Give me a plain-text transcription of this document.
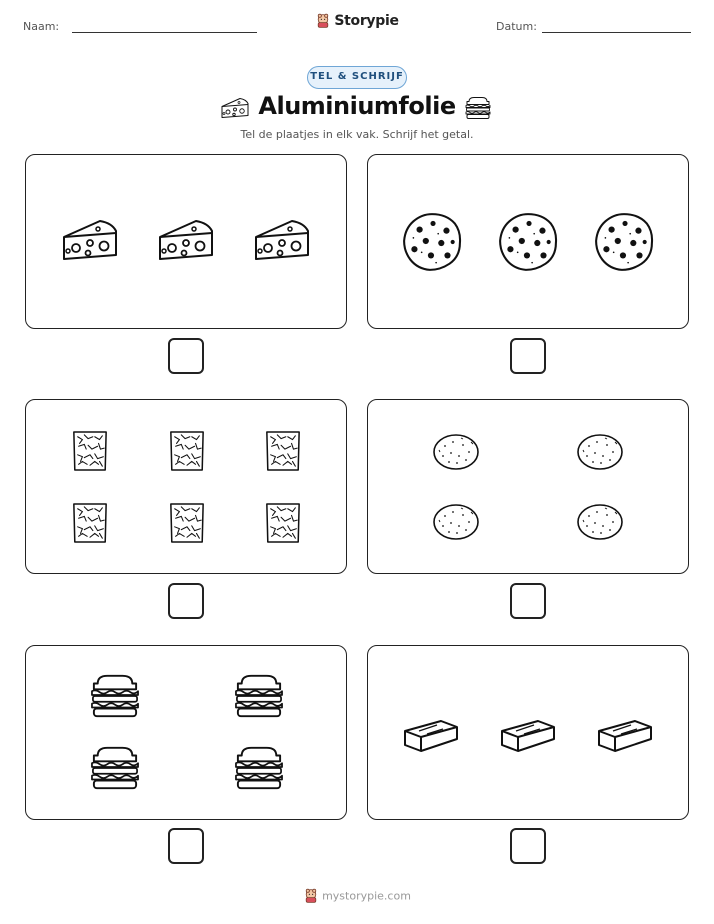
Naam:	Storypie	Datum:
TEL & SCHRIJF
Aluminiumfolie
Tel de plaatjes in elk vak. Schrijf het getal.
mystorypie.com
